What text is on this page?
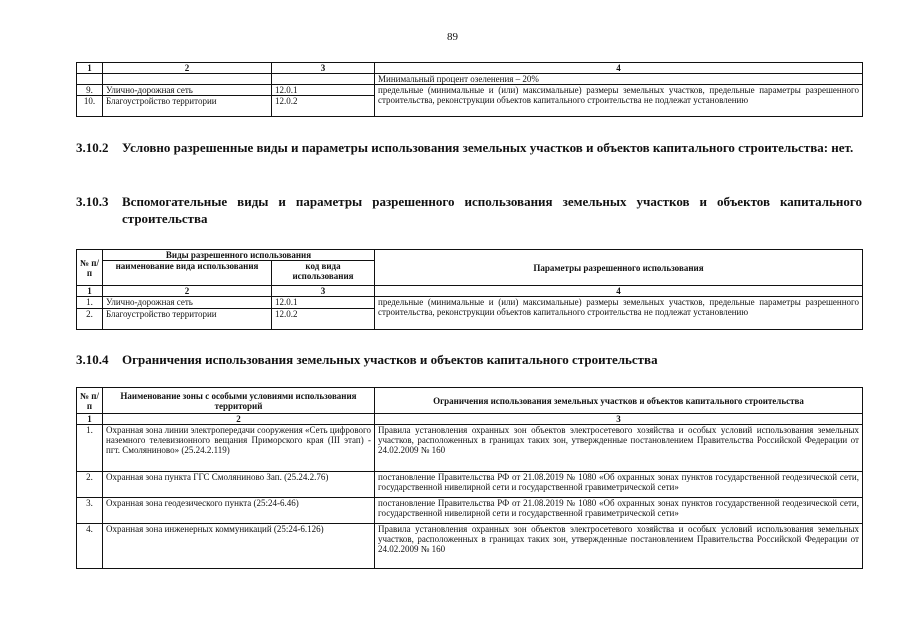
89
1	2	3	4
			Минимальный процент озеленения – 20%
9.	Улично-дорожная сеть	12.0.1	предельные (минимальные и (или) максимальные) размеры земельных участков, предельные параметры разрешенного строительства, реконструкции объектов капитального строительства не подлежат установлению
10.	Благоустройство территории	12.0.2	
3.10.2 Условно разрешенные виды и параметры использования земельных участков и объектов капитального строительства: нет.
3.10.3 Вспомогательные виды и параметры разрешенного использования земельных участков и объектов капитального строительства
№ п/п	Виды разрешенного использования		Параметры разрешенного использования
	наименование вида использования	код вида использования	
1	2	3	4
1.	Улично-дорожная сеть	12.0.1	предельные (минимальные и (или) максимальные) размеры земельных участков, предельные параметры разрешенного строительства, реконструкции объектов капитального строительства не подлежат установлению
2.	Благоустройство территории	12.0.2	
3.10.4 Ограничения использования земельных участков и объектов капитального строительства
№ п/п	Наименование зоны с особыми условиями использования территорий	Ограничения использования земельных участков и объектов капитального строительства
1	2	3
1.	Охранная зона линии электропередачи сооружения «Сеть цифрового наземного телевизионного вещания Приморского края (III этап) - пгт. Смоляниново» (25.24.2.119)	Правила установления охранных зон объектов электросетевого хозяйства и особых условий использования земельных участков, расположенных в границах таких зон, утвержденные постановлением Правительства Российской Федерации от 24.02.2009 № 160
2.	Охранная зона пункта ГГС Смоляниново Зап. (25.24.2.76)	постановление Правительства РФ от 21.08.2019 № 1080 «Об охранных зонах пунктов государственной геодезической сети, государственной нивелирной сети и государственной гравиметрической сети»
3.	Охранная зона геодезического пункта (25:24-6.46)	постановление Правительства РФ от 21.08.2019 № 1080 «Об охранных зонах пунктов государственной геодезической сети, государственной нивелирной сети и государственной гравиметрической сети»
4.	Охранная зона инженерных коммуникаций (25:24-6.126)	Правила установления охранных зон объектов электросетевого хозяйства и особых условий использования земельных участков, расположенных в границах таких зон, утвержденные постановлением Правительства Российской Федерации от 24.02.2009 № 160
